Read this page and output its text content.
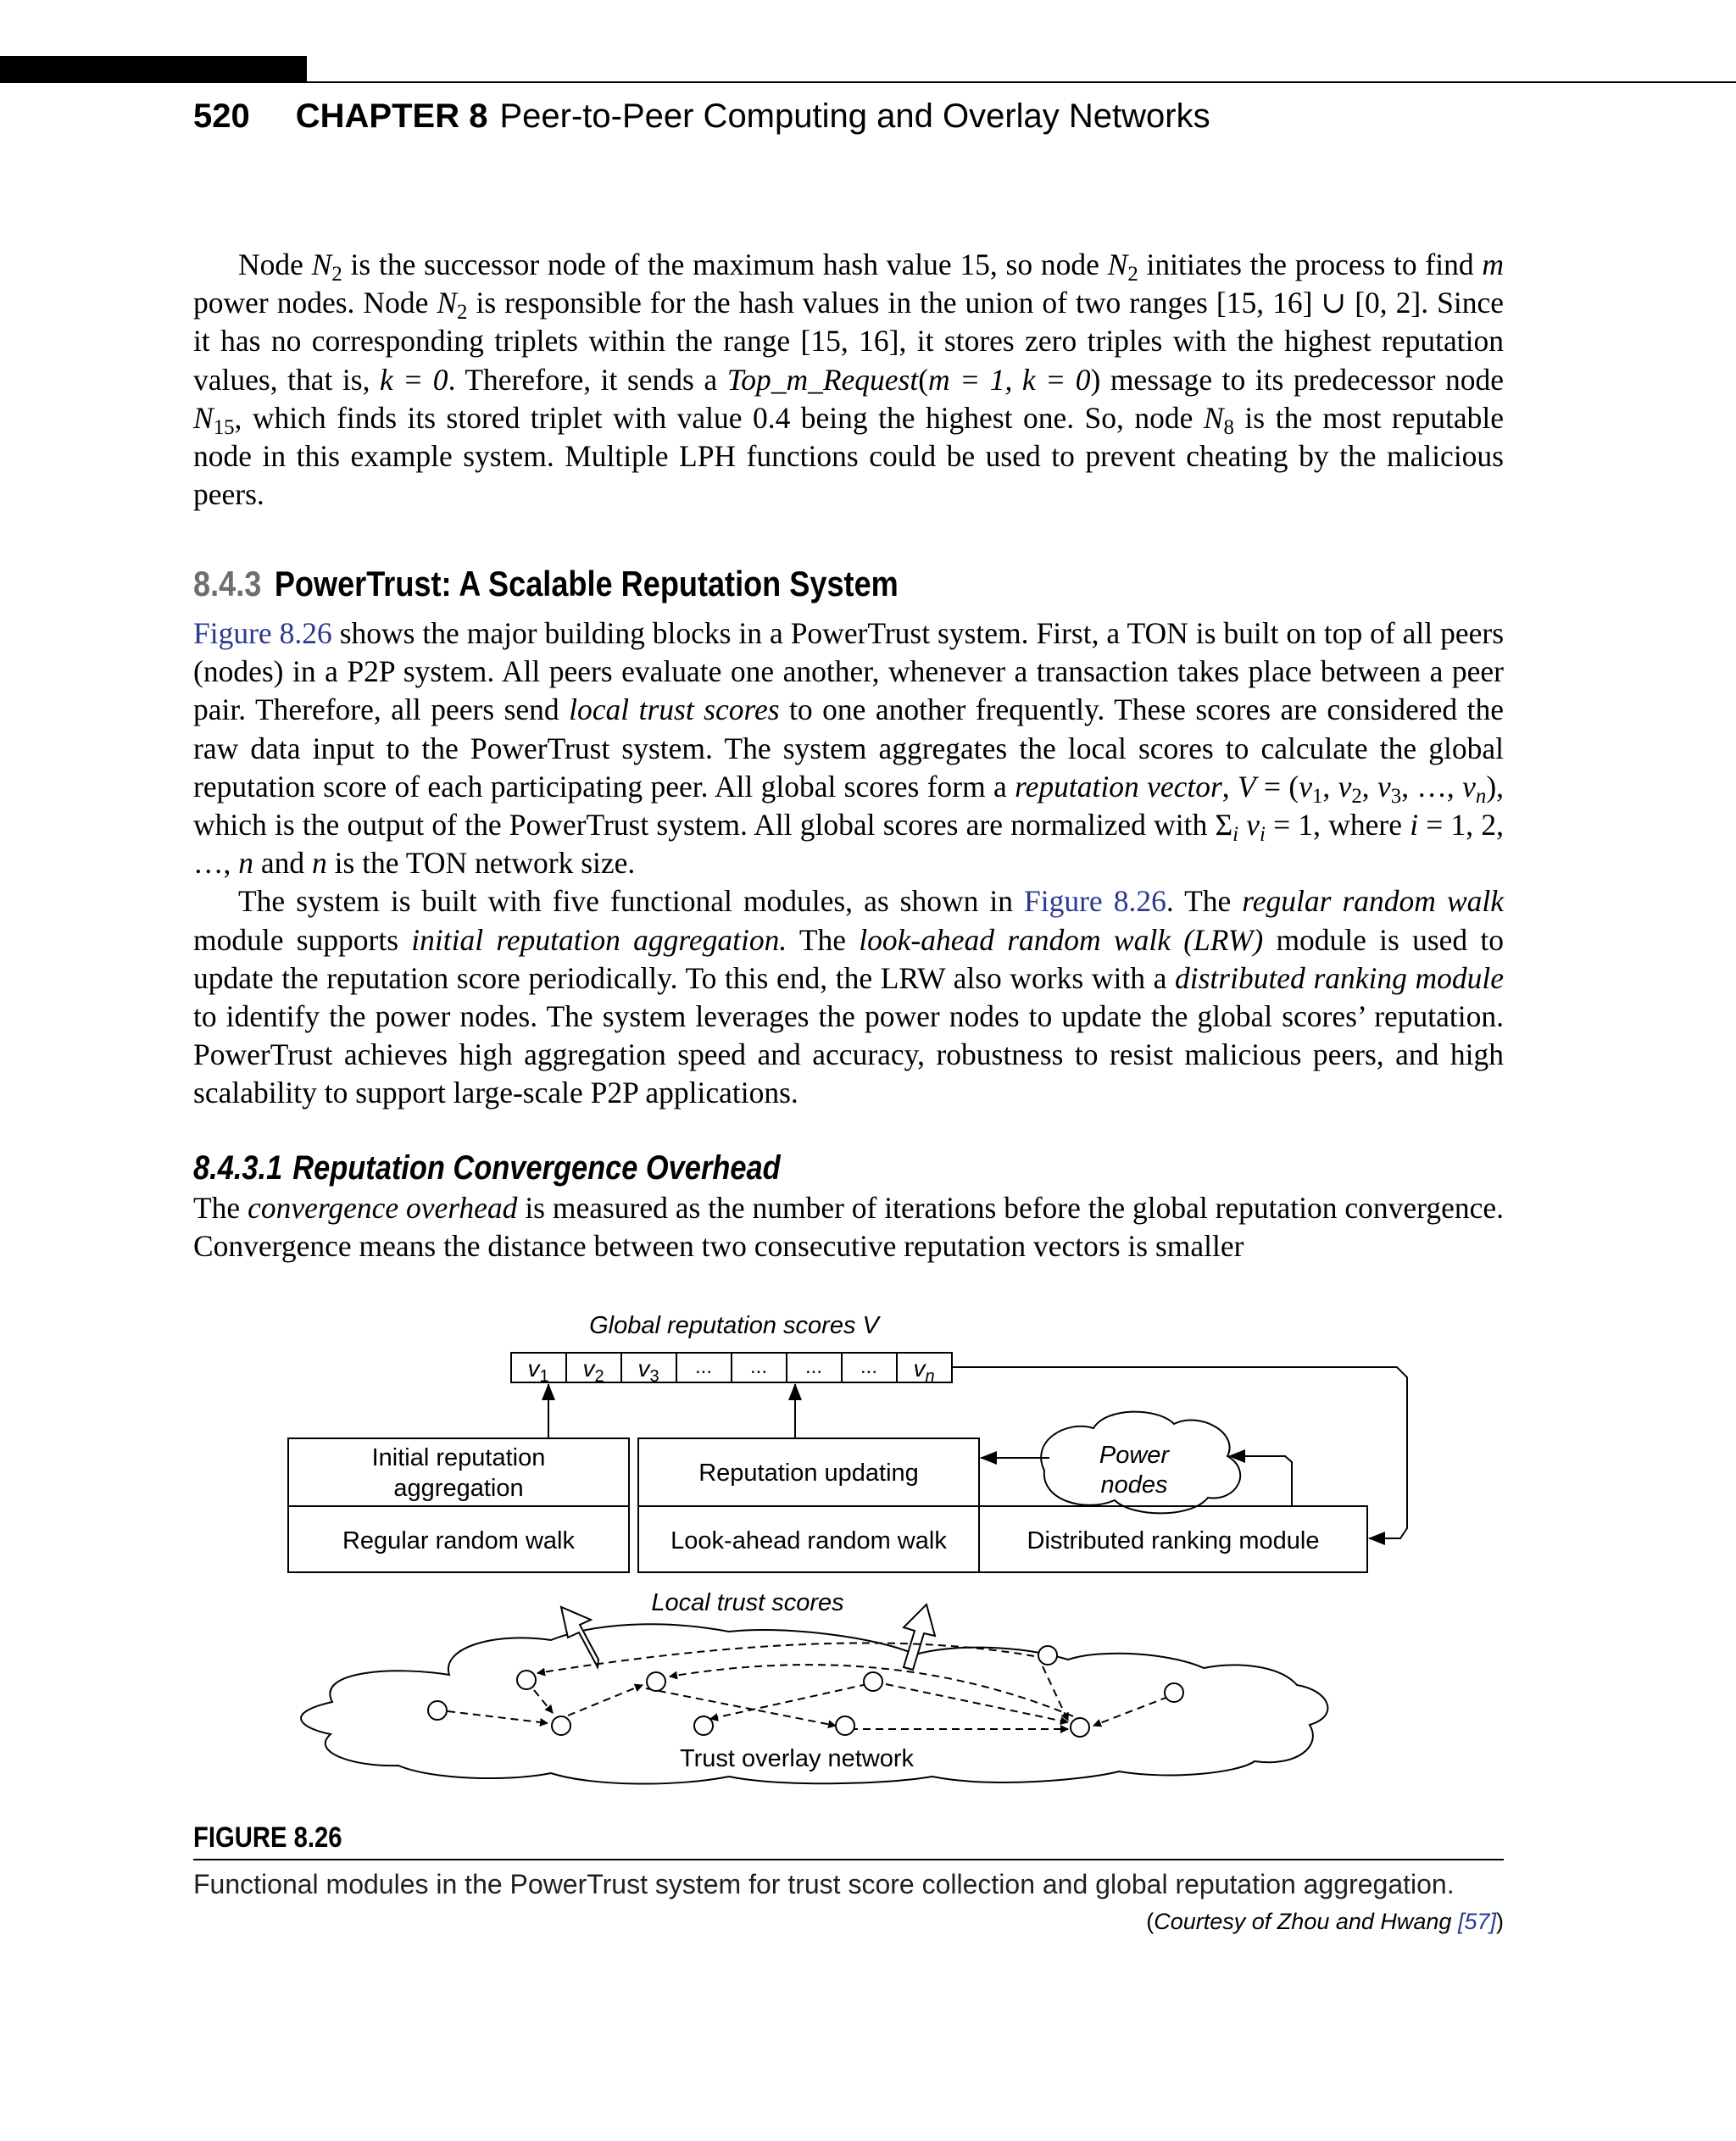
520 CHAPTER 8 Peer-to-Peer Computing and Overlay Networks

Node $N_2$ is the successor node of the maximum hash value 15, so node $N_2$ initiates the process to find m power nodes. Node $N_2$ is responsible for the hash values in the union of two ranges [15, 16] ∪ [0, 2]. Since it has no corresponding triplets within the range [15, 16], it stores zero triples with the highest reputation values, that is, k = 0. Therefore, it sends a Top_m_Request(m = 1, k = 0) message to its predecessor node $N_{15}$, which finds its stored triplet with value 0.4 being the highest one. So, node $N_8$ is the most reputable node in this example system. Multiple LPH functions could be used to prevent cheating by the malicious peers.

8.4.3 PowerTrust: A Scalable Reputation System

Figure 8.26 shows the major building blocks in a PowerTrust system. First, a TON is built on top of all peers (nodes) in a P2P system. All peers evaluate one another, whenever a transaction takes place between a peer pair. Therefore, all peers send local trust scores to one another frequently. These scores are considered the raw data input to the PowerTrust system. The system aggregates the local scores to calculate the global reputation score of each participating peer. All global scores form a reputation vector, $V = (v_1$, $v_2$, $v_3$, …, $v_n$), which is the output of the PowerTrust system. All global scores are normalized with $\Sigma_i$ $v_i = 1$, where i = 1, 2, …, n and n is the TON network size.

The system is built with five functional modules, as shown in Figure 8.26. The regular random walk module supports initial reputation aggregation. The look-ahead random walk (LRW) module is used to update the reputation score periodically. To this end, the LRW also works with a distributed ranking module to identify the power nodes. The system leverages the power nodes to update the global scores’ reputation. PowerTrust achieves high aggregation speed and accuracy, robustness to resist malicious peers, and high scalability to support large-scale P2P applications.

8.4.3.1 Reputation Convergence Overhead

The convergence overhead is measured as the number of iterations before the global reputation convergence. Convergence means the distance between two consecutive reputation vectors is smaller

Global reputation scores V
$v_1$ $v_2$ $v_3$ ... ... ... ... $v_n$
Initial reputation
aggregation
Regular random walk
Reputation updating
Look-ahead random walk	Distributed ranking module
Power
nodes
Local trust scores
Trust overlay network
FIGURE 8.26
Functional modules in the PowerTrust system for trust score collection and global reputation aggregation.
(Courtesy of Zhou and Hwang [57])
